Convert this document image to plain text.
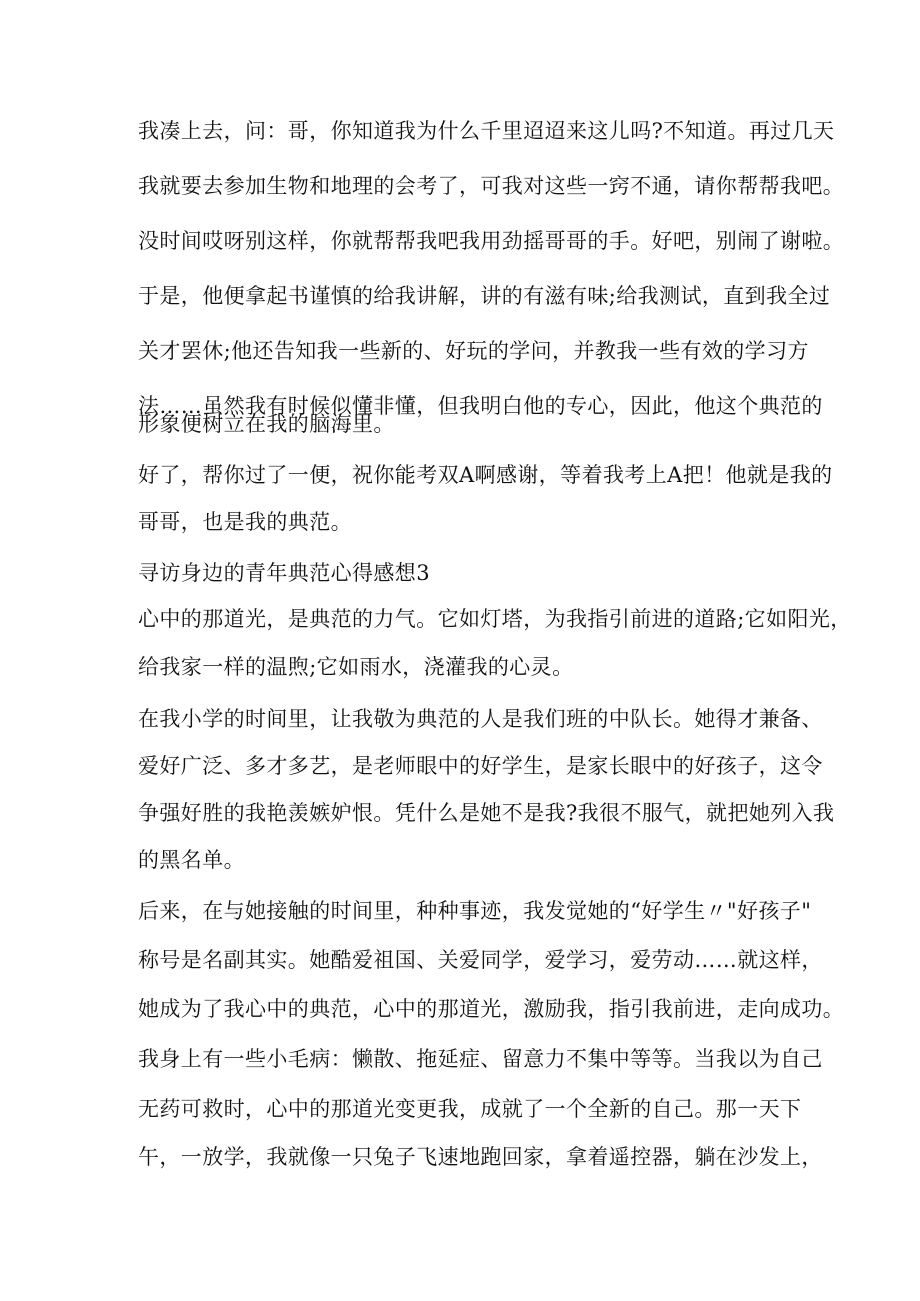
我凑上去，问：哥，你知道我为什么千里迢迢来这儿吗?不知道。再过几天
我就要去参加生物和地理的会考了，可我对这些一窍不通，请你帮帮我吧。
没时间哎呀别这样，你就帮帮我吧我用劲摇哥哥的手。好吧，别闹了谢啦。
于是，他便拿起书谨慎的给我讲解，讲的有滋有味;给我测试，直到我全过
关才罢休;他还告知我一些新的、好玩的学问，并教我一些有效的学习方
法……虽然我有时候似懂非懂，但我明白他的专心，因此，他这个典范的
形象便树立在我的脑海里。
好了，帮你过了一便，祝你能考双A啊感谢，等着我考上A把！他就是我的
哥哥，也是我的典范。
寻访身边的青年典范心得感想3
心中的那道光，是典范的力气。它如灯塔，为我指引前进的道路;它如阳光，
给我家一样的温煦;它如雨水，浇灌我的心灵。
在我小学的时间里，让我敬为典范的人是我们班的中队长。她得才兼备、
爱好广泛、多才多艺，是老师眼中的好学生，是家长眼中的好孩子，这令
争强好胜的我艳羡嫉妒恨。凭什么是她不是我?我很不服气，就把她列入我
的黑名单。
后来，在与她接触的时间里，种种事迹，我发觉她的“好学生〃"好孩子"
称号是名副其实。她酷爱祖国、关爱同学，爱学习，爱劳动……就这样，
她成为了我心中的典范，心中的那道光，激励我，指引我前进，走向成功。
我身上有一些小毛病：懒散、拖延症、留意力不集中等等。当我以为自己
无药可救时，心中的那道光变更我，成就了一个全新的自己。那一天下
午，一放学，我就像一只兔子飞速地跑回家，拿着遥控器，躺在沙发上，
